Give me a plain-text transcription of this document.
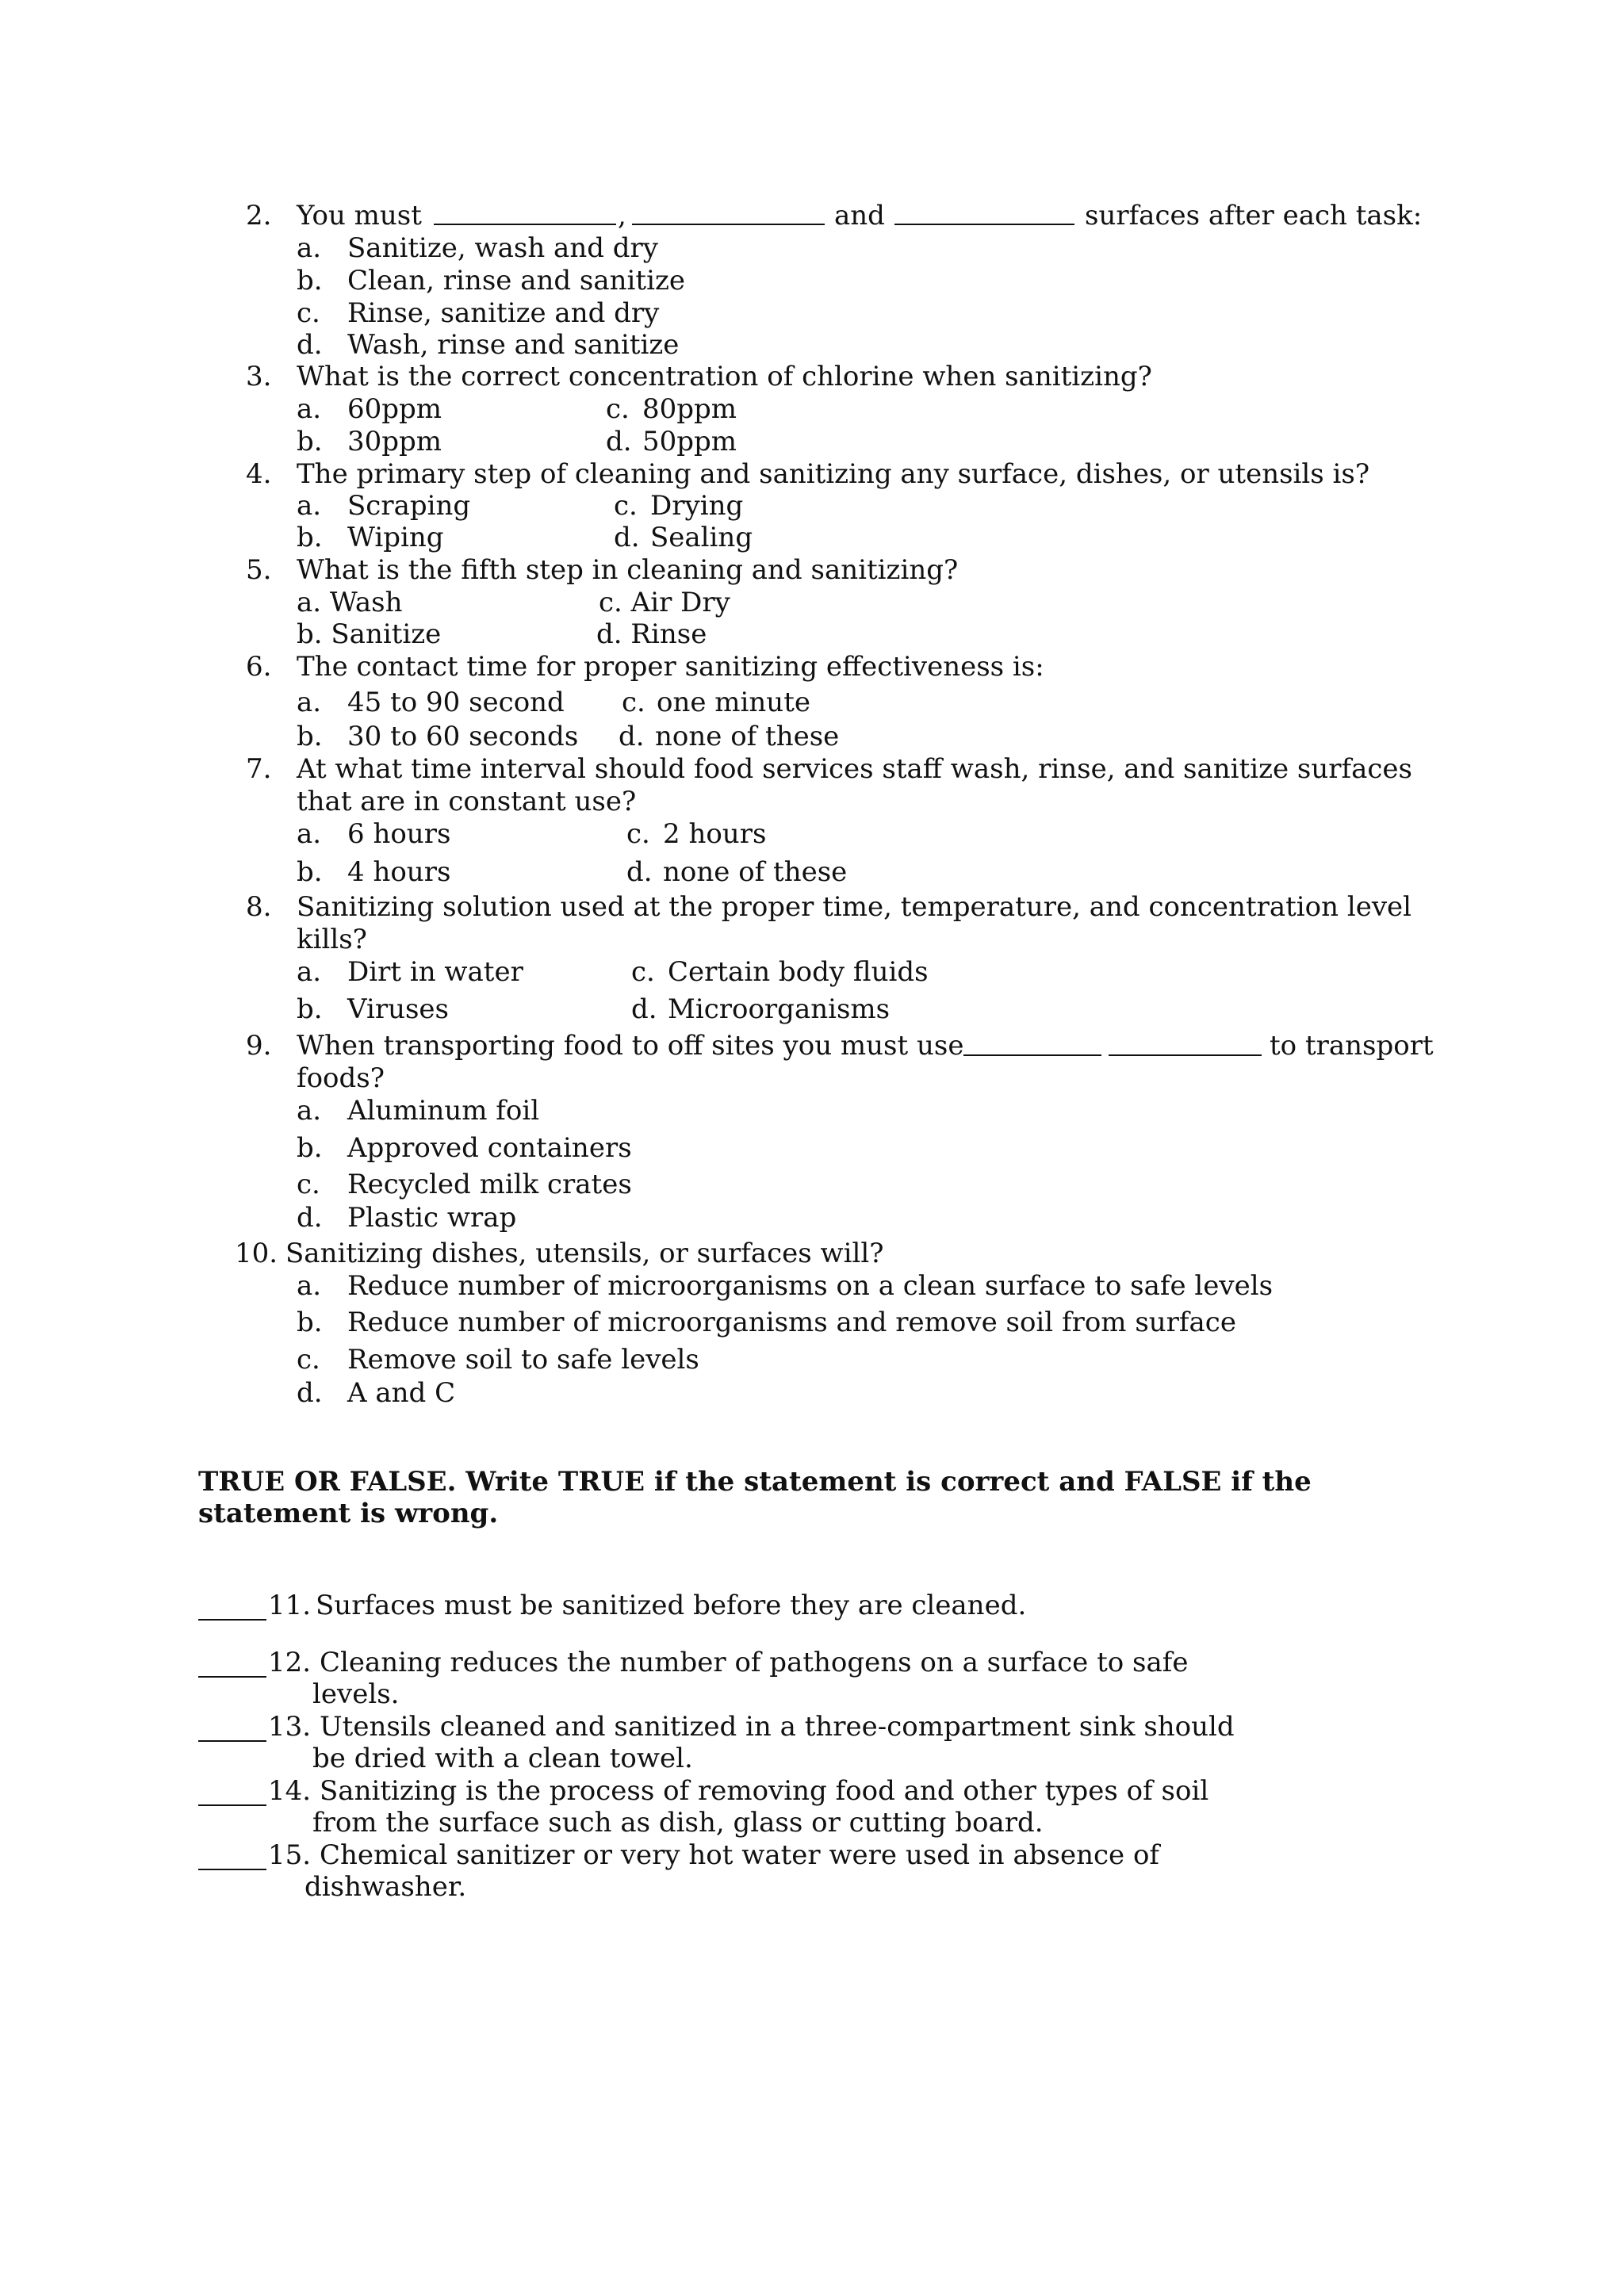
2. You must	,	and	surfaces after each task:
a. Sanitize, wash and dry
b. Clean, rinse and sanitize
c. Rinse, sanitize and dry
d. Wash, rinse and sanitize
3. What is the correct concentration of chlorine when sanitizing?
a. 60ppm	c. 80ppm
b. 30ppm	d. 50ppm
4. The primary step of cleaning and sanitizing any surface, dishes, or utensils is?
a. Scraping	c. Drying
b. Wiping	d. Sealing
5. What is the fifth step in cleaning and sanitizing?
a. Wash	c. Air Dry
b. Sanitize	d. Rinse
6. The contact time for proper sanitizing effectiveness is:
a. 45 to 90 second c. one minute
b. 30 to 60 seconds d. none of these
7. At what time interval should food services staff wash, rinse, and sanitize surfaces
that are in constant use?
a. 6 hours	c. 2 hours
b. 4 hours	d. none of these
8. Sanitizing solution used at the proper time, temperature, and concentration level
kills?
a. Dirt in water	c. Certain body fluids
b. Viruses	d. Microorganisms
9. When transporting food to off sites you must use	to transport
foods?
a. Aluminum foil
b. Approved containers
c. Recycled milk crates
d. Plastic wrap
10. Sanitizing dishes, utensils, or surfaces will?
a. Reduce number of microorganisms on a clean surface to safe levels
b. Reduce number of microorganisms and remove soil from surface
c. Remove soil to safe levels
d. A and C
TRUE OR FALSE. Write TRUE if the statement is correct and FALSE if the statement is wrong.
11. Surfaces must be sanitized before they are cleaned.
12. Cleaning reduces the number of pathogens on a surface to safe
levels.
13. Utensils cleaned and sanitized in a three-compartment sink should
be dried with a clean towel.
14. Sanitizing is the process of removing food and other types of soil
from the surface such as dish, glass or cutting board.
15. Chemical sanitizer or very hot water were used in absence of
dishwasher.
